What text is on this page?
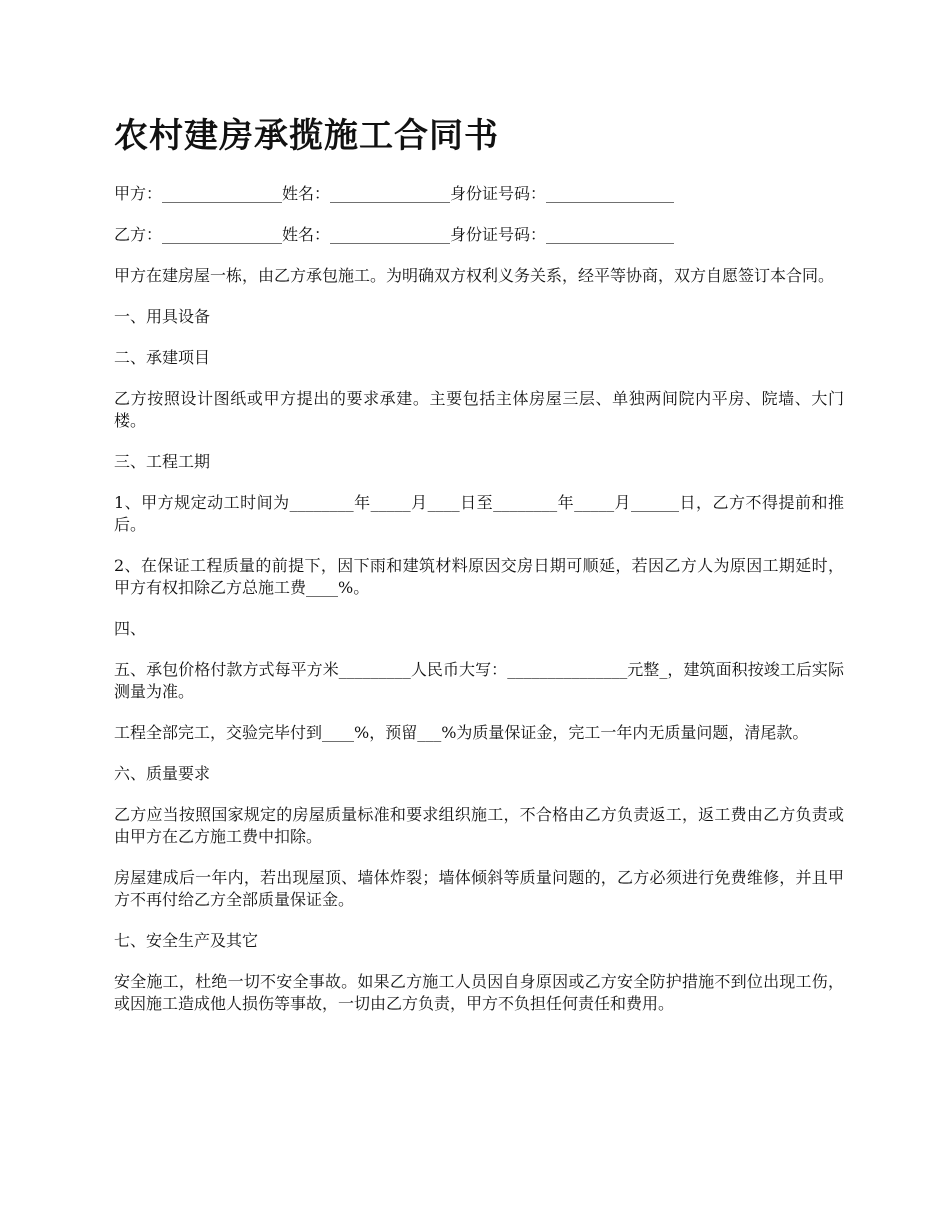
农村建房承揽施工合同书

甲方：_______________姓名：_______________身份证号码：________________

乙方：_______________姓名：_______________身份证号码：________________

甲方在建房屋一栋，由乙方承包施工。为明确双方权利义务关系，经平等协商，双方自愿签订本合同。

一、用具设备

二、承建项目

乙方按照设计图纸或甲方提出的要求承建。主要包括主体房屋三层、单独两间院内平房、院墙、大门楼。

三、工程工期

1、甲方规定动工时间为________年_____月____日至________年_____月______日，乙方不得提前和推后。

2、在保证工程质量的前提下，因下雨和建筑材料原因交房日期可顺延，若因乙方人为原因工期延时，甲方有权扣除乙方总施工费____%。

四、

五、承包价格付款方式每平方米_________人民币大写：_______________元整_，建筑面积按竣工后实际测量为准。

工程全部完工，交验完毕付到____%，预留___%为质量保证金，完工一年内无质量问题，清尾款。

六、质量要求

乙方应当按照国家规定的房屋质量标准和要求组织施工，不合格由乙方负责返工，返工费由乙方负责或由甲方在乙方施工费中扣除。

房屋建成后一年内，若出现屋顶、墙体炸裂；墙体倾斜等质量问题的，乙方必须进行免费维修，并且甲方不再付给乙方全部质量保证金。

七、安全生产及其它

安全施工，杜绝一切不安全事故。如果乙方施工人员因自身原因或乙方安全防护措施不到位出现工伤，或因施工造成他人损伤等事故，一切由乙方负责，甲方不负担任何责任和费用。
